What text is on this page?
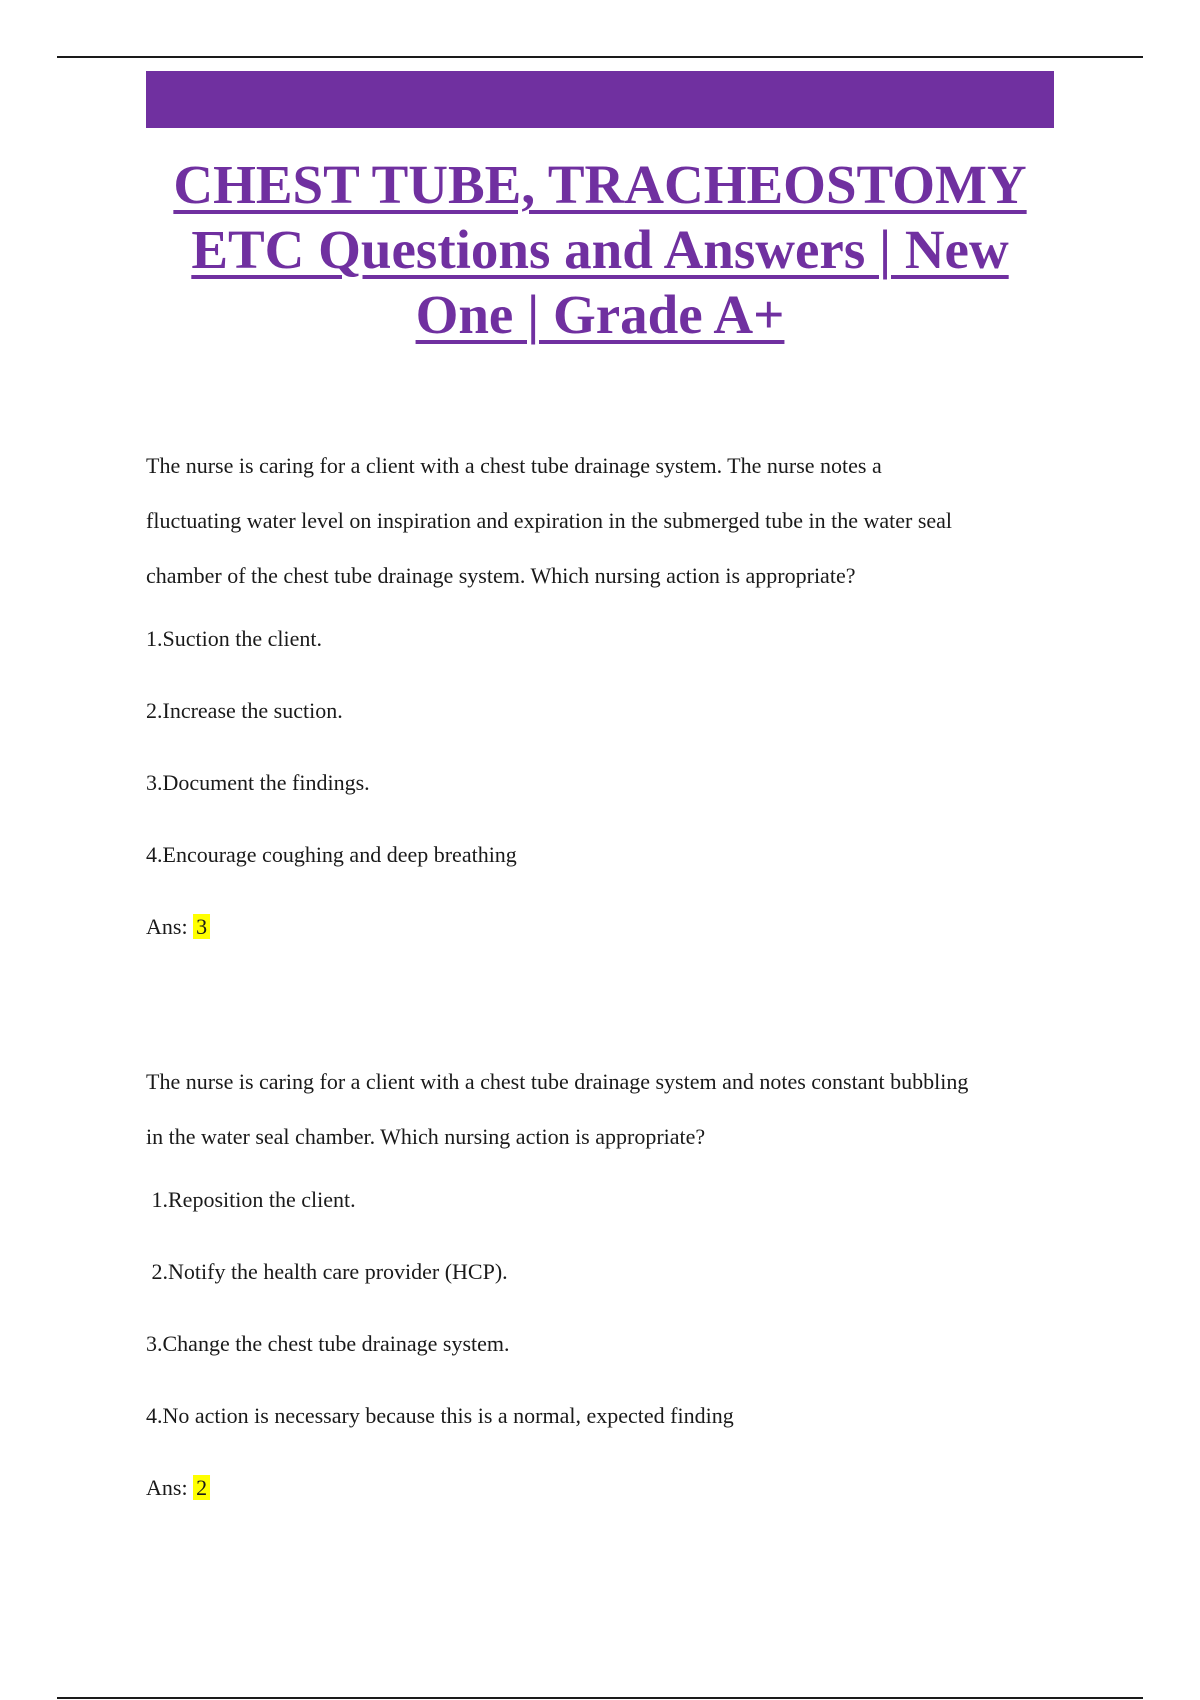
CHEST TUBE, TRACHEOSTOMY ETC Questions and Answers | New One | Grade A+

The nurse is caring for a client with a chest tube drainage system. The nurse notes a

fluctuating water level on inspiration and expiration in the submerged tube in the water seal

chamber of the chest tube drainage system. Which nursing action is appropriate?

1.Suction the client.

2.Increase the suction.

3.Document the findings.

4.Encourage coughing and deep breathing

Ans: 3

The nurse is caring for a client with a chest tube drainage system and notes constant bubbling

in the water seal chamber. Which nursing action is appropriate?

1.Reposition the client.

2.Notify the health care provider (HCP).

3.Change the chest tube drainage system.

4.No action is necessary because this is a normal, expected finding

Ans: 2
